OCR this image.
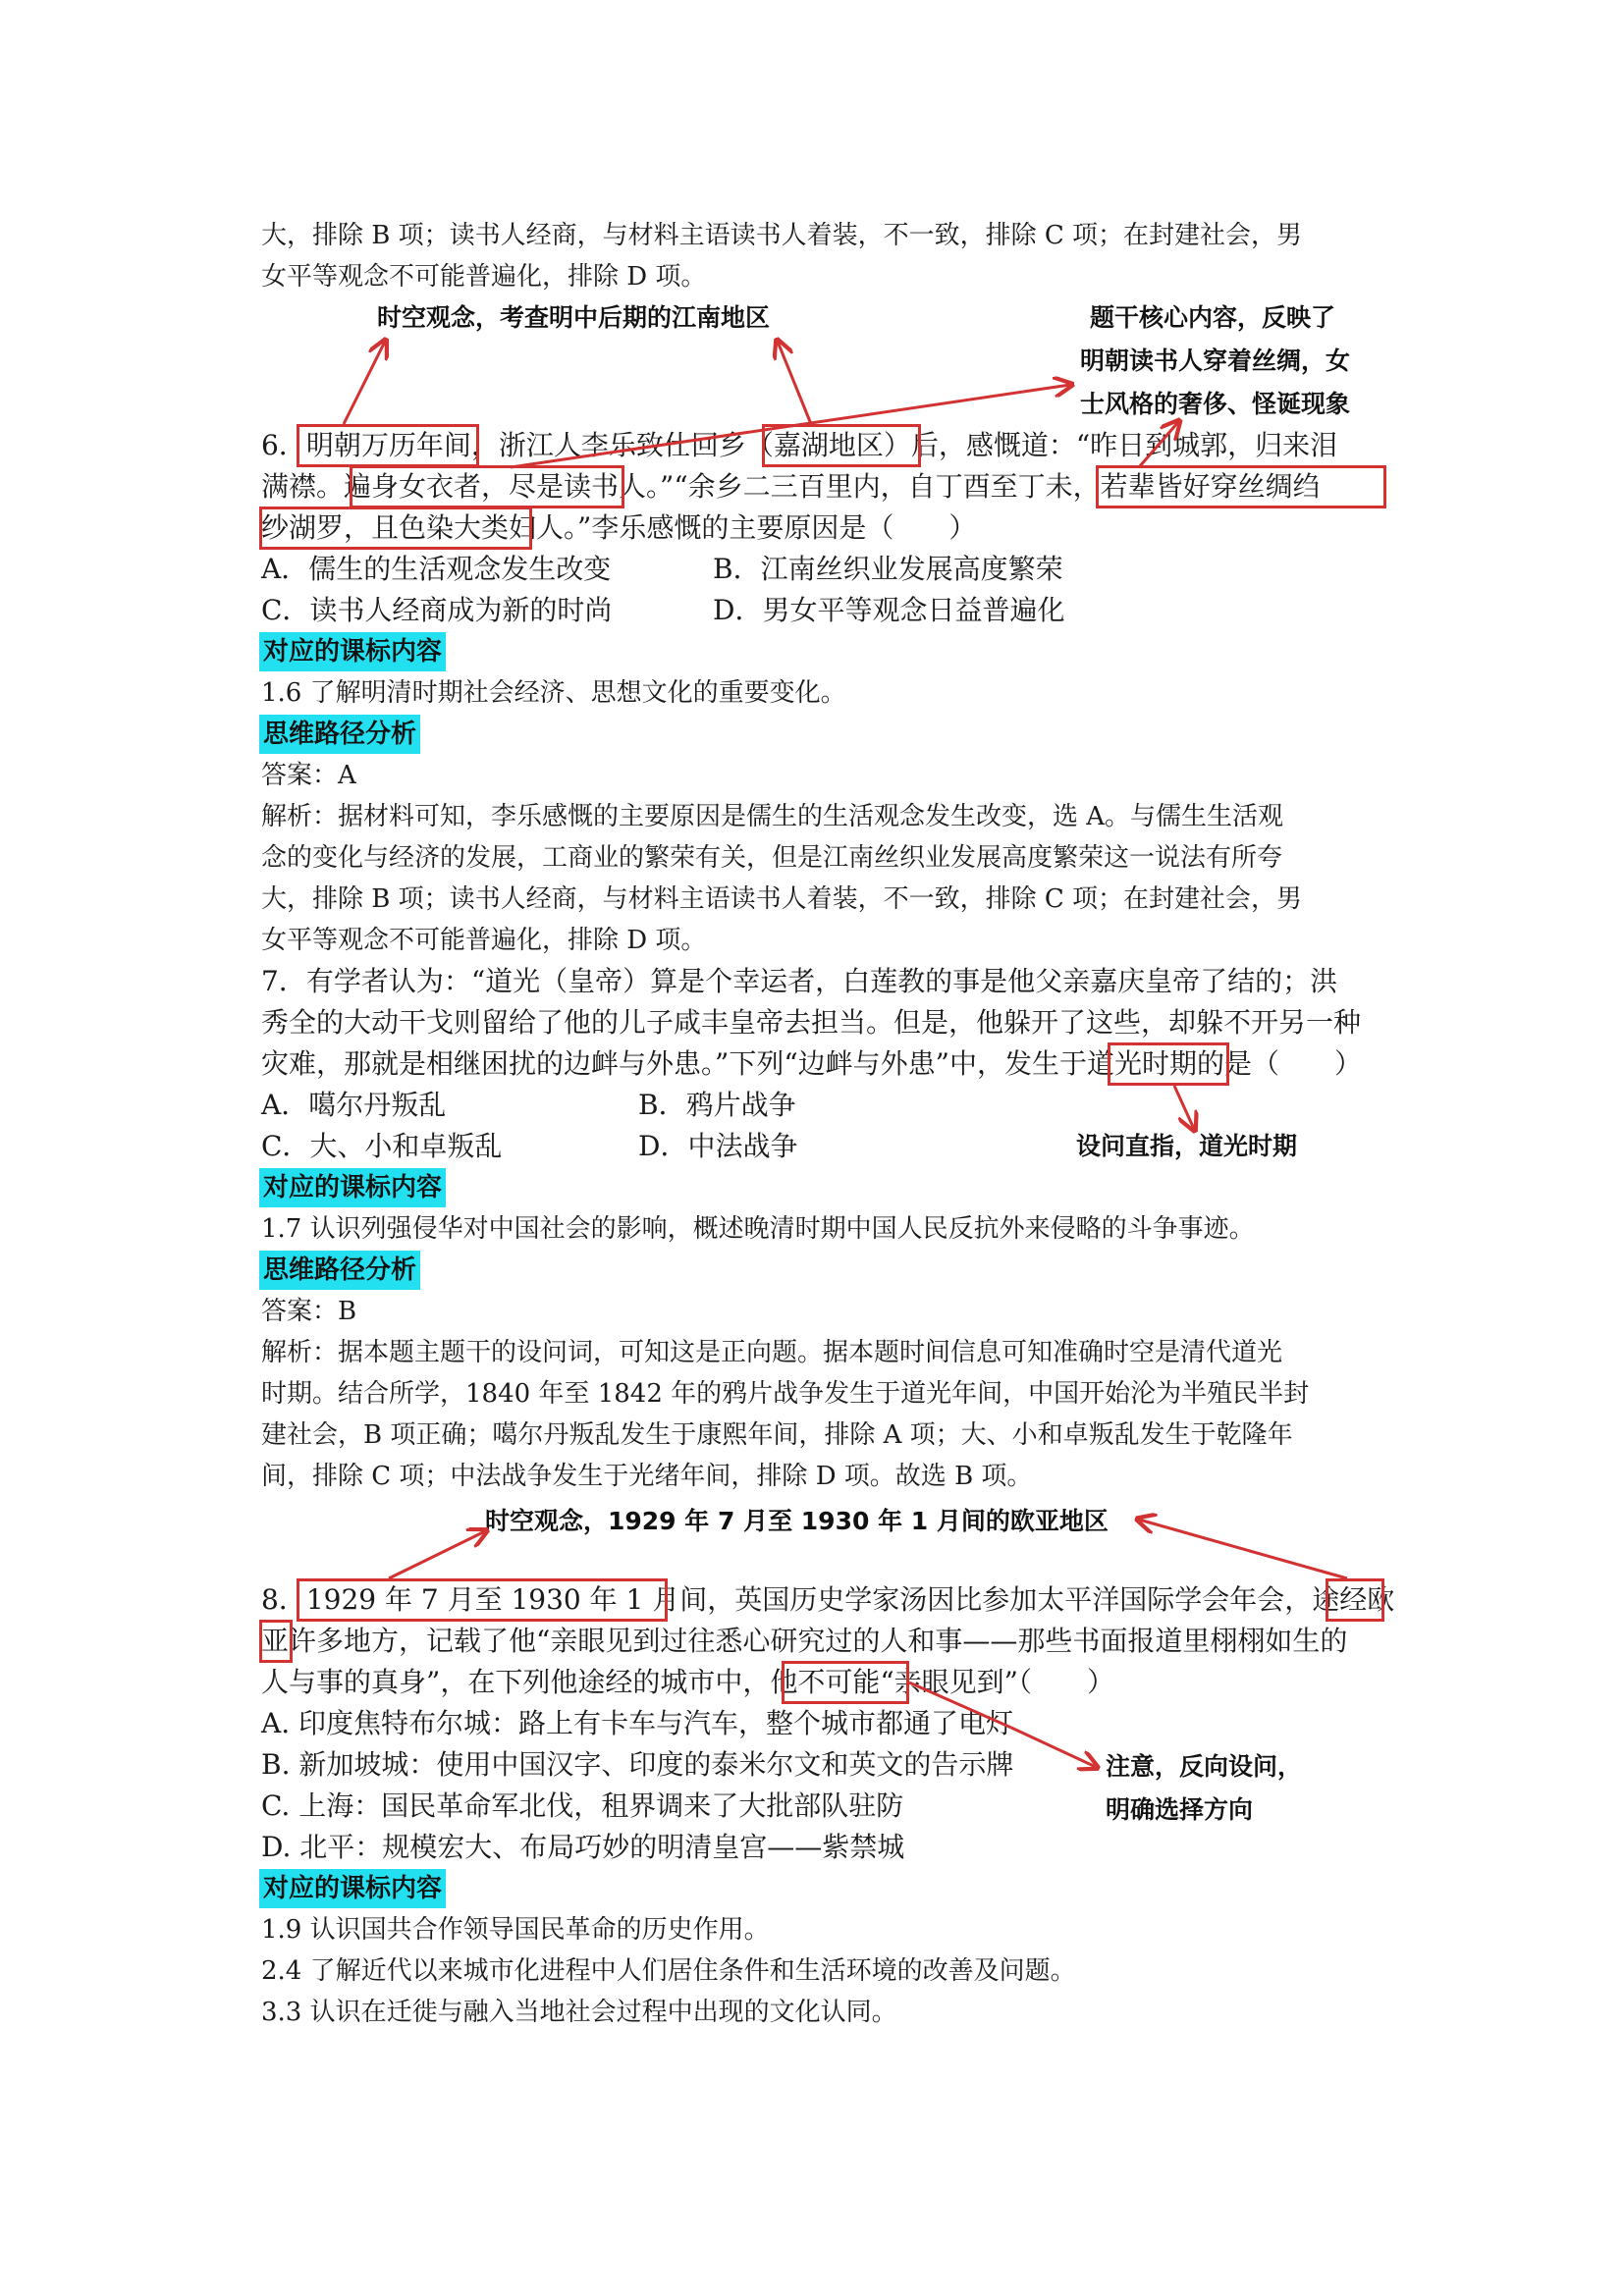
大，排除 B 项；读书人经商，与材料主语读书人着装，不一致，排除 C 项；在封建社会，男
女平等观念不可能普遍化，排除 D 项。
时空观念，考查明中后期的江南地区	题干核心内容，反映了
明朝读书人穿着丝绸，女
士风格的奢侈、怪诞现象
6．明朝万历年间，浙江人李乐致仕回乡（嘉湖地区）后，感慨道：“昨日到城郭，归来泪
满襟。遍身女衣者，尽是读书人。”“余乡二三百里内，自丁酉至丁未，若辈皆好穿丝绸绉
纱湖罗，且色染大类妇人。”李乐感慨的主要原因是（　　）
A．儒生的生活观念发生改变	B．江南丝织业发展高度繁荣
C．读书人经商成为新的时尚	D．男女平等观念日益普遍化
对应的课标内容
1.6 了解明清时期社会经济、思想文化的重要变化。
思维路径分析
答案：A
解析：据材料可知，李乐感慨的主要原因是儒生的生活观念发生改变，选 A。与儒生生活观
念的变化与经济的发展，工商业的繁荣有关，但是江南丝织业发展高度繁荣这一说法有所夸
大，排除 B 项；读书人经商，与材料主语读书人着装，不一致，排除 C 项；在封建社会，男
女平等观念不可能普遍化，排除 D 项。
7．有学者认为：“道光（皇帝）算是个幸运者，白莲教的事是他父亲嘉庆皇帝了结的；洪
秀全的大动干戈则留给了他的儿子咸丰皇帝去担当。但是，他躲开了这些，却躲不开另一种
灾难，那就是相继困扰的边衅与外患。”下列“边衅与外患”中，发生于道光时期的是（　　）
A．噶尔丹叛乱	B．鸦片战争
C．大、小和卓叛乱	D．中法战争	设问直指，道光时期
对应的课标内容
1.7 认识列强侵华对中国社会的影响，概述晚清时期中国人民反抗外来侵略的斗争事迹。
思维路径分析
答案：B
解析：据本题主题干的设问词，可知这是正向题。据本题时间信息可知准确时空是清代道光
时期。结合所学，1840 年至 1842 年的鸦片战争发生于道光年间，中国开始沦为半殖民半封
建社会，B 项正确；噶尔丹叛乱发生于康熙年间，排除 A 项；大、小和卓叛乱发生于乾隆年
间，排除 C 项；中法战争发生于光绪年间，排除 D 项。故选 B 项。
时空观念，1929 年 7 月至 1930 年 1 月间的欧亚地区
8．1929 年 7 月至 1930 年 1 月间，英国历史学家汤因比参加太平洋国际学会年会，途经欧
亚许多地方，记载了他“亲眼见到过往悉心研究过的人和事——那些书面报道里栩栩如生的
人与事的真身”，在下列他途经的城市中，他不可能“亲眼见到”（　　）
A. 印度焦特布尔城：路上有卡车与汽车，整个城市都通了电灯
B. 新加坡城：使用中国汉字、印度的泰米尔文和英文的告示牌
C. 上海：国民革命军北伐，租界调来了大批部队驻防
D. 北平：规模宏大、布局巧妙的明清皇宫——紫禁城
注意，反向设问，
明确选择方向
对应的课标内容
1.9 认识国共合作领导国民革命的历史作用。
2.4 了解近代以来城市化进程中人们居住条件和生活环境的改善及问题。
3.3 认识在迁徙与融入当地社会过程中出现的文化认同。
